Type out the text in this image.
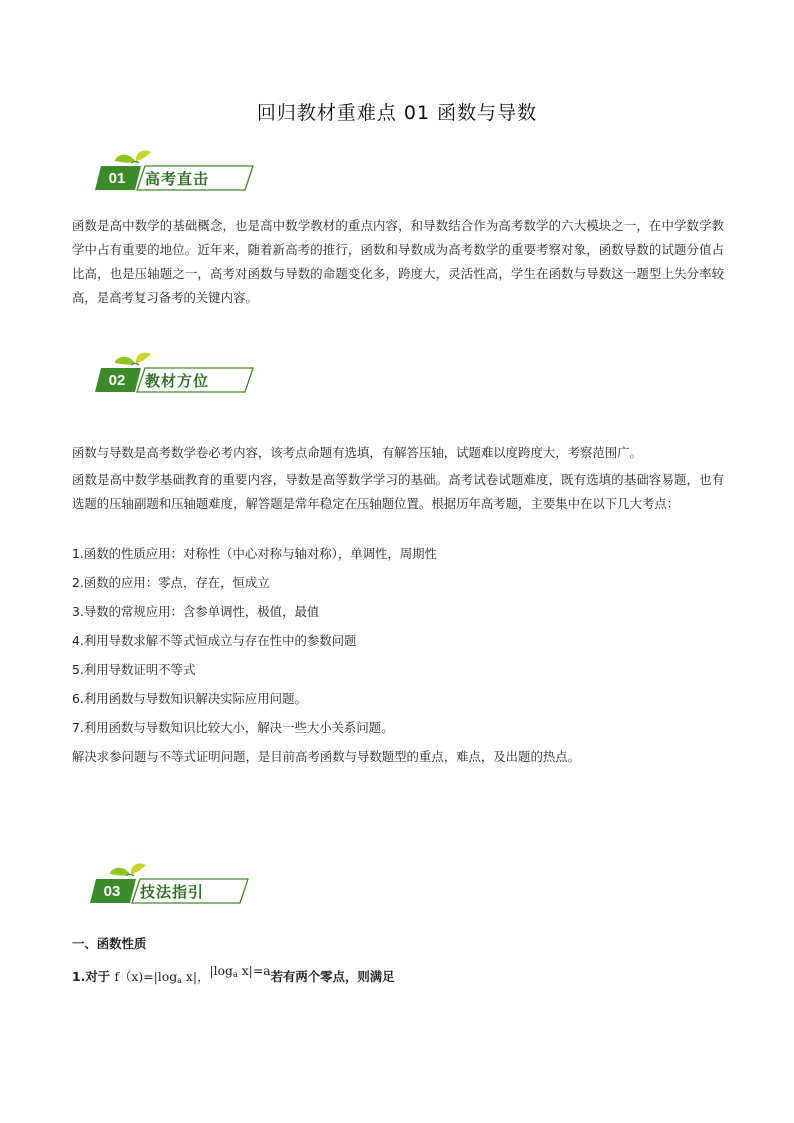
回归教材重难点 01 函数与导数
01	高考直击
函数是高中数学的基础概念，也是高中数学教材的重点内容，和导数结合作为高考数学的六大模块之一，在中学数学教学中占有重要的地位。近年来，随着新高考的推行，函数和导数成为高考数学的重要考察对象，函数导数的试题分值占比高，也是压轴题之一，高考对函数与导数的命题变化多，跨度大，灵活性高，学生在函数与导数这一题型上失分率较高，是高考复习备考的关键内容。
02	教材方位
函数与导数是高考数学卷必考内容，该考点命题有选填，有解答压轴，试题难以度跨度大，考察范围广。
函数是高中数学基础教育的重要内容，导数是高等数学学习的基础。高考试卷试题难度，既有选填的基础容易题，也有选题的压轴副题和压轴题难度，解答题是常年稳定在压轴题位置。根据历年高考题，主要集中在以下几大考点：
1.函数的性质应用：对称性（中心对称与轴对称），单调性，周期性
2.函数的应用：零点，存在，恒成立
3.导数的常规应用：含参单调性，极值，最值
4.利用导数求解不等式恒成立与存在性中的参数问题
5.利用导数证明不等式
6.利用函数与导数知识解决实际应用问题。
7.利用函数与导数知识比较大小，解决一些大小关系问题。
解决求参问题与不等式证明问题，是目前高考函数与导数题型的重点，难点，及出题的热点。
03	技法指引
一、函数性质
1.对于 $f(x)=|\log_a$ x|，$|\log_a$ x|=a若有两个零点，则满足
